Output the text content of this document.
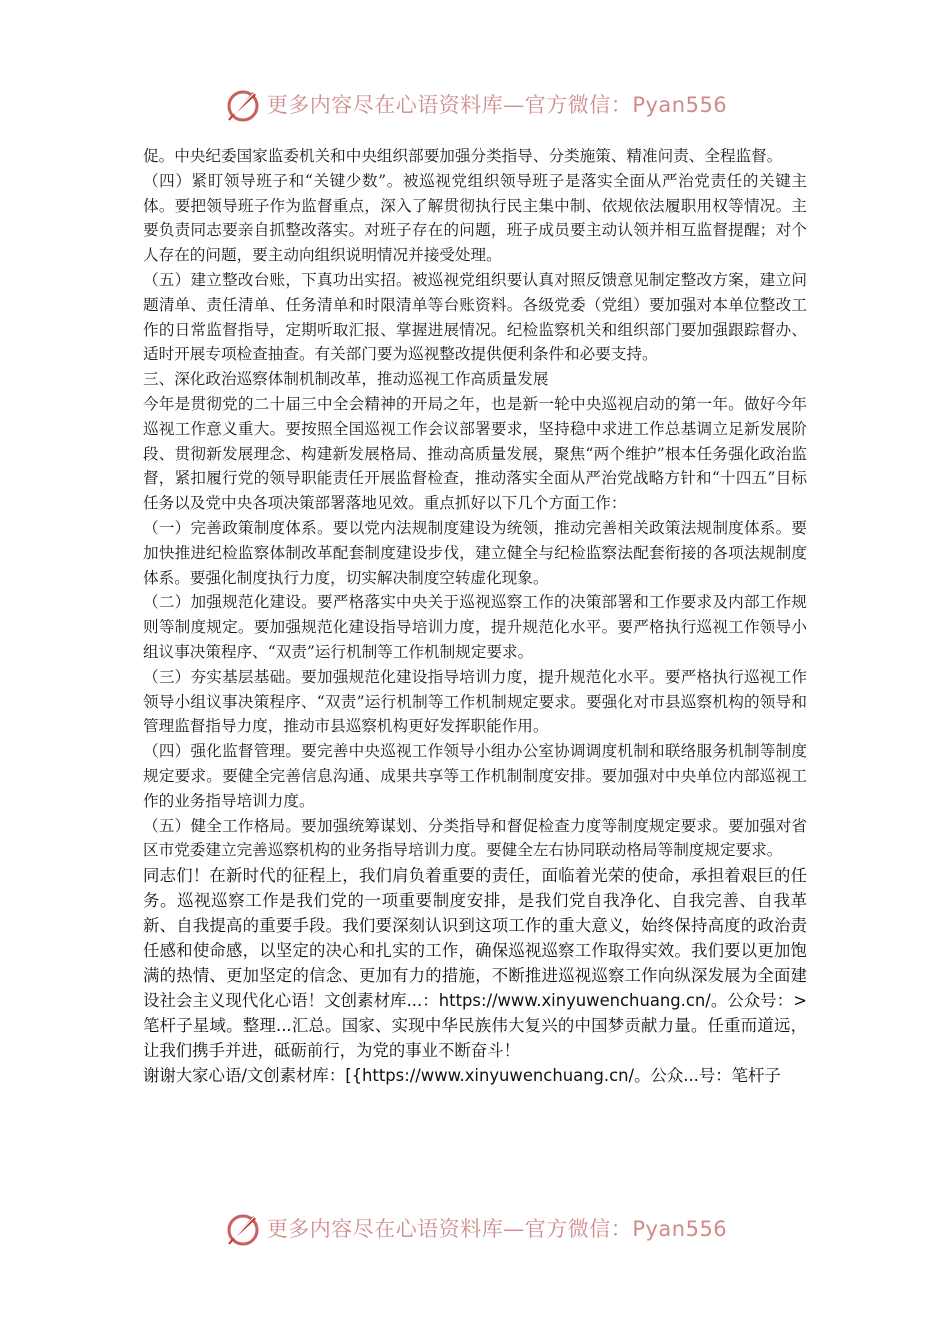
更多内容尽在心语资料库—官方微信：Pyan556

促。中央纪委国家监委机关和中央组织部要加强分类指导、分类施策、精准问责、全程监督。

（四）紧盯领导班子和“关键少数”。被巡视党组织领导班子是落实全面从严治党责任的关键主体。要把领导班子作为监督重点，深入了解贯彻执行民主集中制、依规依法履职用权等情况。主要负责同志要亲自抓整改落实。对班子存在的问题，班子成员要主动认领并相互监督提醒；对个人存在的问题，要主动向组织说明情况并接受处理。

（五）建立整改台账，下真功出实招。被巡视党组织要认真对照反馈意见制定整改方案，建立问题清单、责任清单、任务清单和时限清单等台账资料。各级党委（党组）要加强对本单位整改工作的日常监督指导，定期听取汇报、掌握进展情况。纪检监察机关和组织部门要加强跟踪督办、适时开展专项检查抽查。有关部门要为巡视整改提供便利条件和必要支持。

三、深化政治巡察体制机制改革，推动巡视工作高质量发展

今年是贯彻党的二十届三中全会精神的开局之年，也是新一轮中央巡视启动的第一年。做好今年巡视工作意义重大。要按照全国巡视工作会议部署要求，坚持稳中求进工作总基调立足新发展阶段、贯彻新发展理念、构建新发展格局、推动高质量发展，聚焦“两个维护”根本任务强化政治监督，紧扣履行党的领导职能责任开展监督检查，推动落实全面从严治党战略方针和“十四五”目标任务以及党中央各项决策部署落地见效。重点抓好以下几个方面工作：

（一）完善政策制度体系。要以党内法规制度建设为统领，推动完善相关政策法规制度体系。要加快推进纪检监察体制改革配套制度建设步伐，建立健全与纪检监察法配套衔接的各项法规制度体系。要强化制度执行力度，切实解决制度空转虚化现象。

（二）加强规范化建设。要严格落实中央关于巡视巡察工作的决策部署和工作要求及内部工作规则等制度规定。要加强规范化建设指导培训力度，提升规范化水平。要严格执行巡视工作领导小组议事决策程序、“双责”运行机制等工作机制规定要求。

（三）夯实基层基础。要加强规范化建设指导培训力度，提升规范化水平。要严格执行巡视工作领导小组议事决策程序、“双责”运行机制等工作机制规定要求。要强化对市县巡察机构的领导和管理监督指导力度，推动市县巡察机构更好发挥职能作用。

（四）强化监督管理。要完善中央巡视工作领导小组办公室协调调度机制和联络服务机制等制度规定要求。要健全完善信息沟通、成果共享等工作机制制度安排。要加强对中央单位内部巡视工作的业务指导培训力度。

（五）健全工作格局。要加强统筹谋划、分类指导和督促检查力度等制度规定要求。要加强对省区市党委建立完善巡察机构的业务指导培训力度。要健全左右协同联动格局等制度规定要求。

同志们！在新时代的征程上，我们肩负着重要的责任，面临着光荣的使命，承担着艰巨的任务。巡视巡察工作是我们党的一项重要制度安排，是我们党自我净化、自我完善、自我革新、自我提高的重要手段。我们要深刻认识到这项工作的重大意义，始终保持高度的政治责任感和使命感，以坚定的决心和扎实的工作，确保巡视巡察工作取得实效。我们要以更加饱满的热情、更加坚定的信念、更加有力的措施，不断推进巡视巡察工作向纵深发展为全面建设社会主义现代化心语！文创素材库...：https://www.xinyuwenchuang.cn/。公众号：>笔杆子星域。整理...汇总。国家、实现中华民族伟大复兴的中国梦贡献力量。任重而道远，让我们携手并进，砥砺前行，为党的事业不断奋斗！

谢谢大家心语/文创素材库：[{https://www.xinyuwenchuang.cn/。公众...号：笔杆子

更多内容尽在心语资料库—官方微信：Pyan556
